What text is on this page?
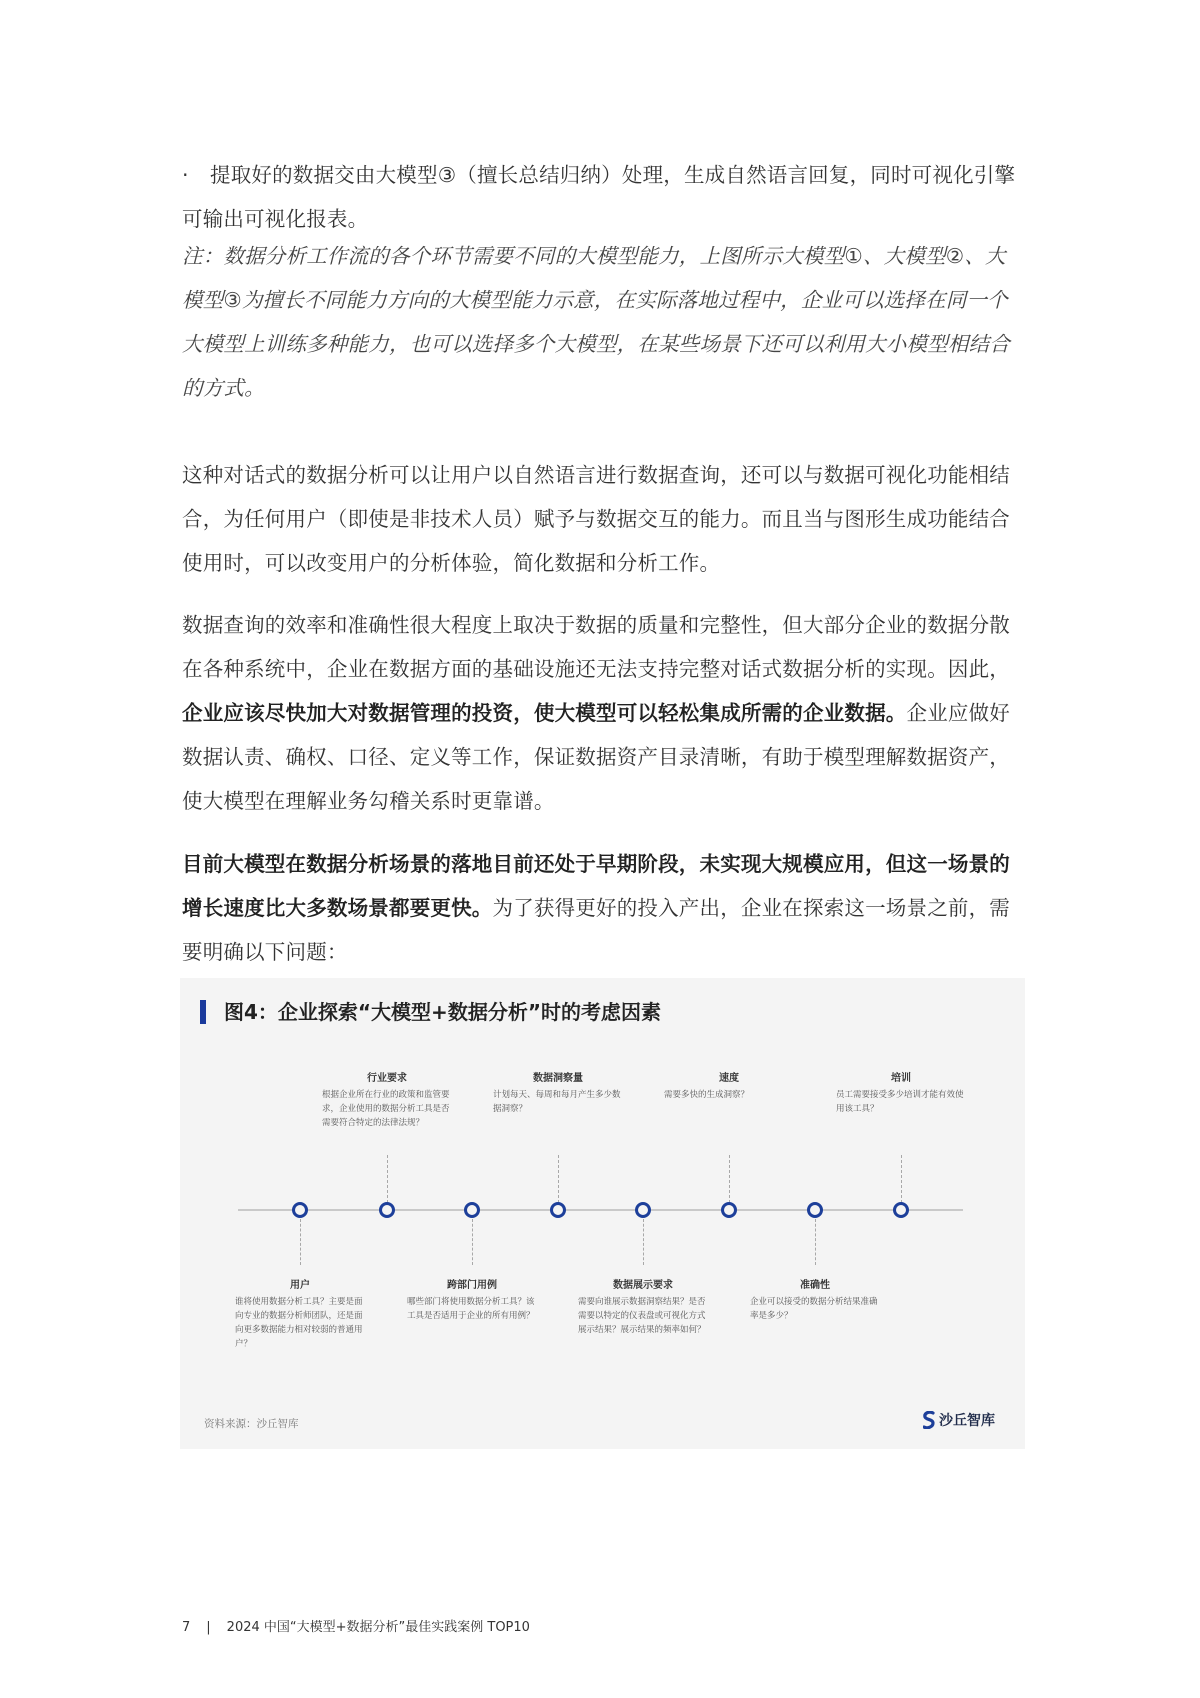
· 提取好的数据交由大模型③（擅长总结归纳）处理，生成自然语言回复，同时可视化引擎可输出可视化报表。
注：数据分析工作流的各个环节需要不同的大模型能力，上图所示大模型①、大模型②、大模型③为擅长不同能力方向的大模型能力示意，在实际落地过程中，企业可以选择在同一个大模型上训练多种能力，也可以选择多个大模型，在某些场景下还可以利用大小模型相结合的方式。
这种对话式的数据分析可以让用户以自然语言进行数据查询，还可以与数据可视化功能相结合，为任何用户（即使是非技术人员）赋予与数据交互的能力。而且当与图形生成功能结合使用时，可以改变用户的分析体验，简化数据和分析工作。
数据查询的效率和准确性很大程度上取决于数据的质量和完整性，但大部分企业的数据分散在各种系统中，企业在数据方面的基础设施还无法支持完整对话式数据分析的实现。因此，企业应该尽快加大对数据管理的投资，使大模型可以轻松集成所需的企业数据。企业应做好数据认责、确权、口径、定义等工作，保证数据资产目录清晰，有助于模型理解数据资产，使大模型在理解业务勾稽关系时更靠谱。
目前大模型在数据分析场景的落地目前还处于早期阶段，未实现大规模应用，但这一场景的增长速度比大多数场景都要更快。为了获得更好的投入产出，企业在探索这一场景之前，需要明确以下问题：
图4：企业探索“大模型+数据分析”时的考虑因素
资料来源：沙丘智库	沙丘智库
用户
谁将使用数据分析工具？主要是面向专业的数据分析师团队，还是面向更多数据能力相对较弱的普通用户？
行业要求
根据企业所在行业的政策和监管要求，企业使用的数据分析工具是否需要符合特定的法律法规？
跨部门用例
哪些部门将使用数据分析工具？该工具是否适用于企业的所有用例？
数据洞察量
计划每天、每周和每月产生多少数据洞察？
数据展示要求
需要向谁展示数据洞察结果？是否需要以特定的仪表盘或可视化方式展示结果？展示结果的频率如何？
速度
需要多快的生成洞察？
准确性
企业可以接受的数据分析结果准确率是多少？
培训
员工需要接受多少培训才能有效使用该工具？
7 | 2024 中国“大模型+数据分析”最佳实践案例 TOP10
